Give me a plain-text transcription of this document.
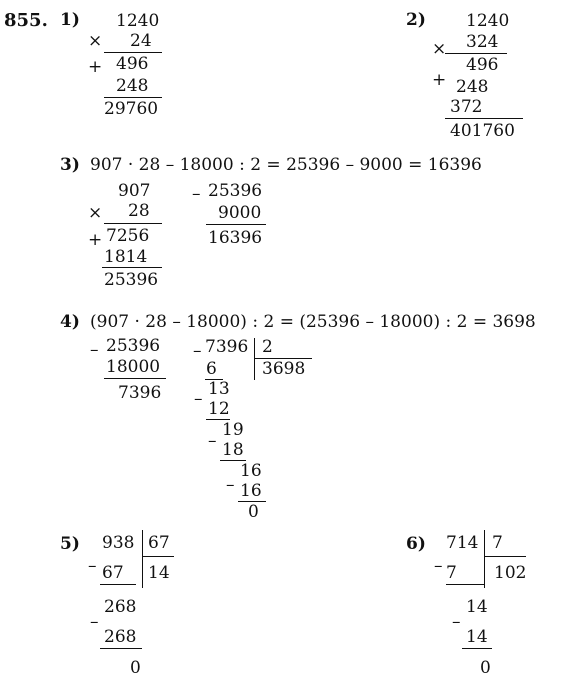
855. 1) 1240
× 24
+ 496
248
29760
2) 1240
× 324
496
+ 248
372
401760
3) 907 · 28 – 18000 : 2 = 25396 – 9000 = 16396
907
× 28
+ 7256
1814
25396
– 25396
9000
16396
4) (907 · 28 – 18000) : 2 = (25396 – 18000) : 2 = 3698
– 25396
18000
7396
– 7396 2
3698
6
– 13
12
–
19
18
–
16
16
0
5) 938 67
14
– 67
268
–
268
0
6) 714 7
102
– 7
14
–
14
0
